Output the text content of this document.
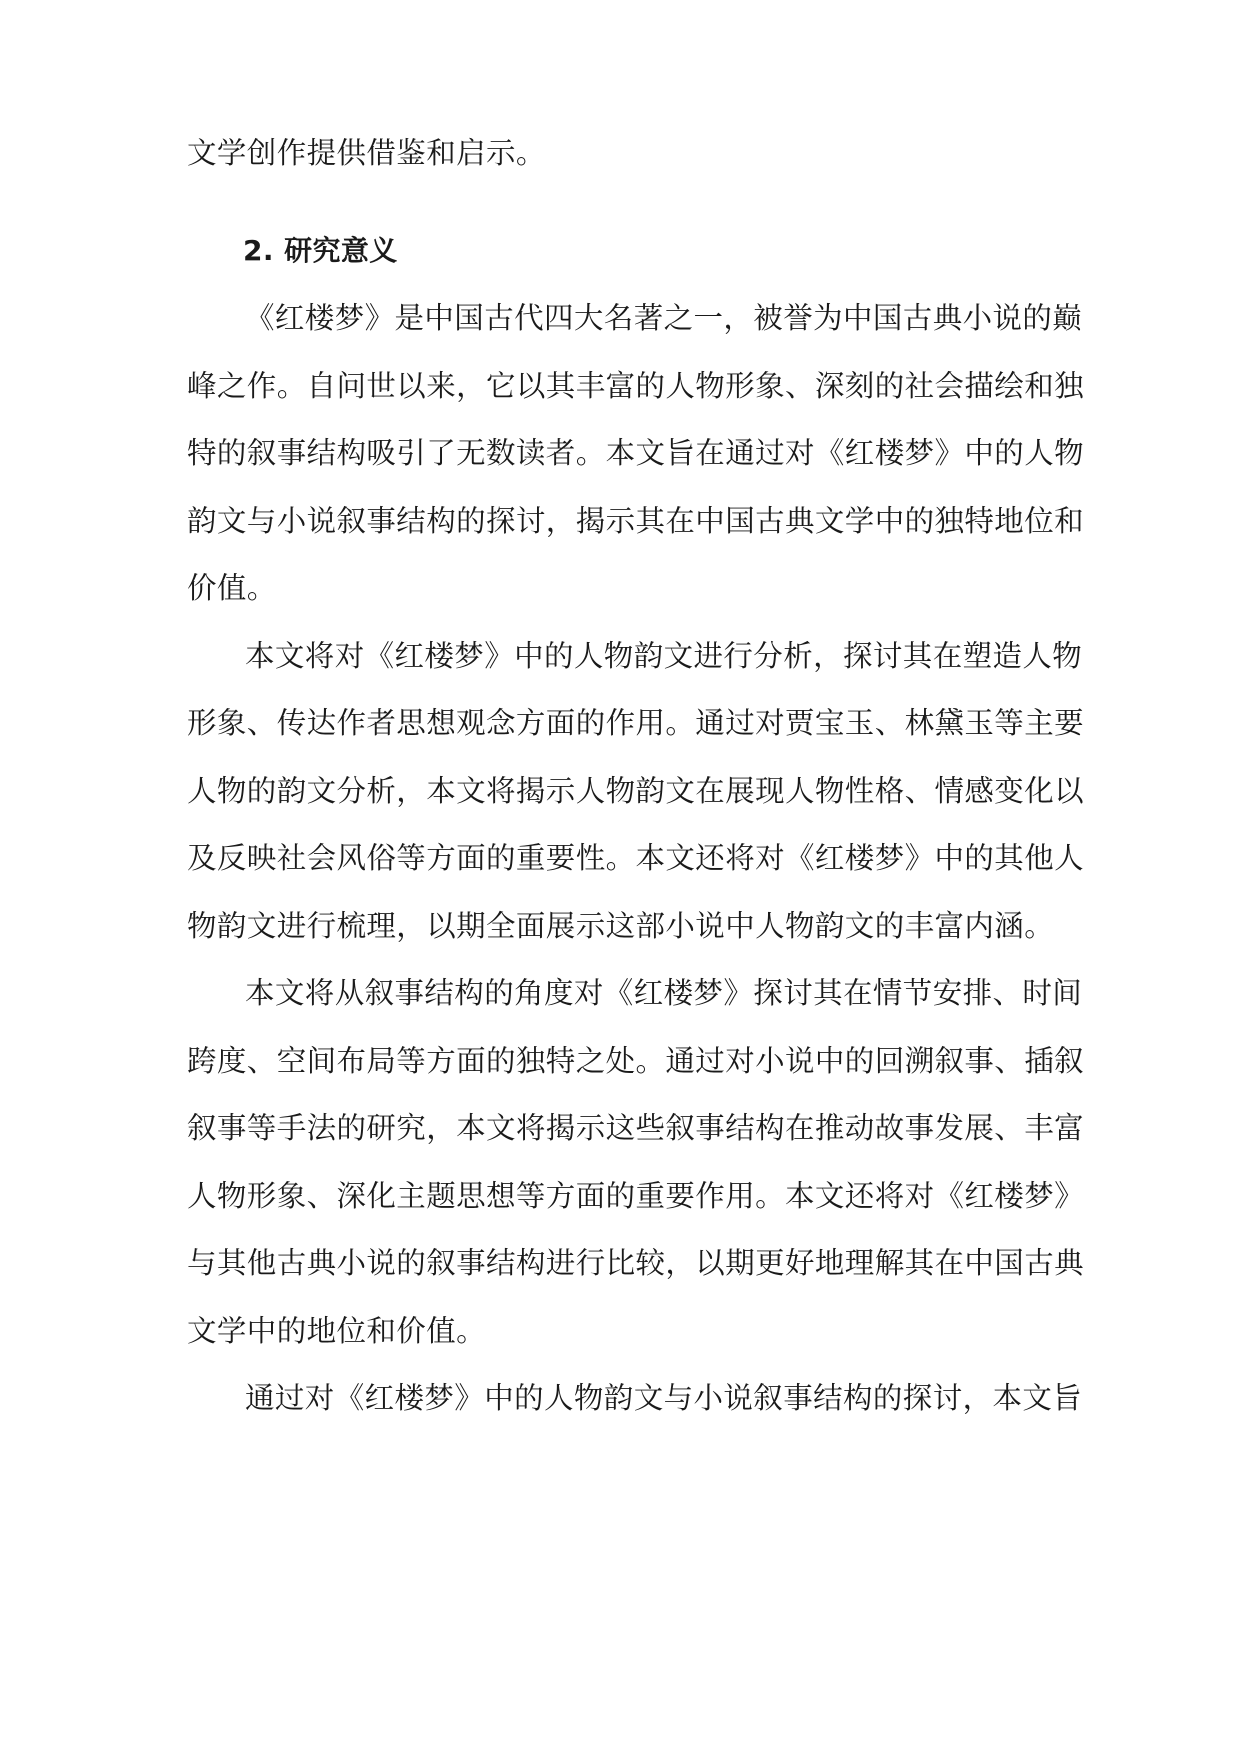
文学创作提供借鉴和启示。
2. 研究意义
《红楼梦》是中国古代四大名著之一，被誉为中国古典小说的巅
峰之作。自问世以来，它以其丰富的人物形象、深刻的社会描绘和独
特的叙事结构吸引了无数读者。本文旨在通过对《红楼梦》中的人物
韵文与小说叙事结构的探讨，揭示其在中国古典文学中的独特地位和
价值。
本文将对《红楼梦》中的人物韵文进行分析，探讨其在塑造人物
形象、传达作者思想观念方面的作用。通过对贾宝玉、林黛玉等主要
人物的韵文分析，本文将揭示人物韵文在展现人物性格、情感变化以
及反映社会风俗等方面的重要性。本文还将对《红楼梦》中的其他人
物韵文进行梳理，以期全面展示这部小说中人物韵文的丰富内涵。
本文将从叙事结构的角度对《红楼梦》探讨其在情节安排、时间
跨度、空间布局等方面的独特之处。通过对小说中的回溯叙事、插叙
叙事等手法的研究，本文将揭示这些叙事结构在推动故事发展、丰富
人物形象、深化主题思想等方面的重要作用。本文还将对《红楼梦》
与其他古典小说的叙事结构进行比较，以期更好地理解其在中国古典
文学中的地位和价值。
通过对《红楼梦》中的人物韵文与小说叙事结构的探讨，本文旨
